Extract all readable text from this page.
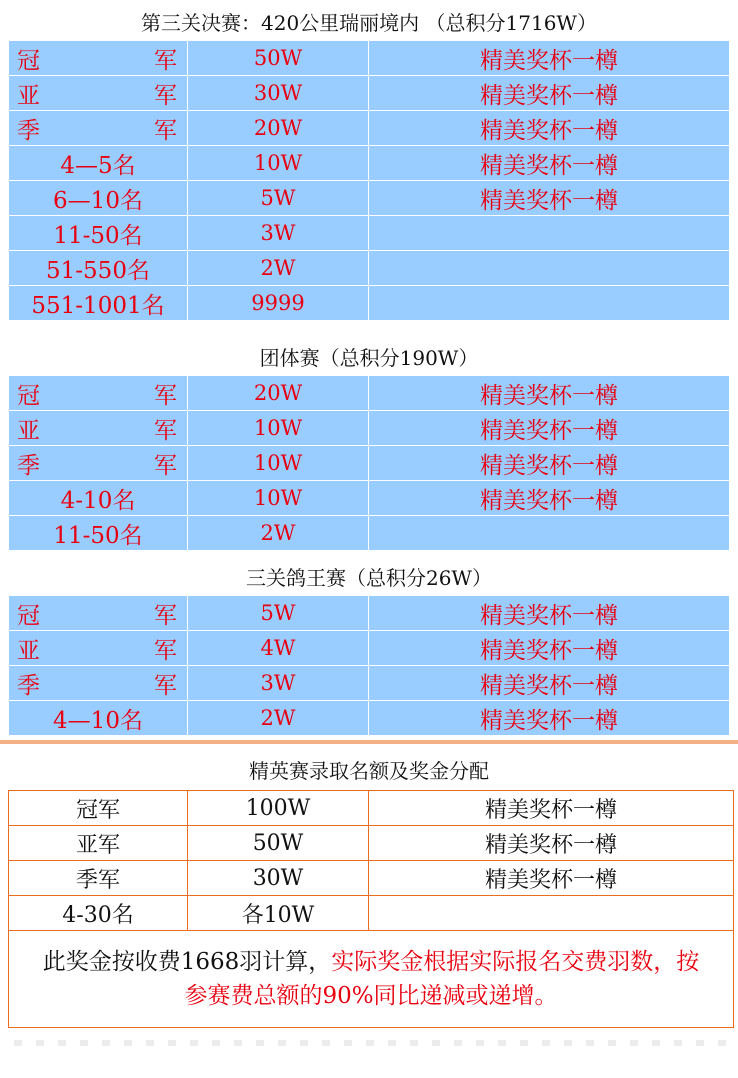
第三关决赛：420公里瑞丽境内 （总积分1716W）
冠 军	50W	精美奖杯一樽

亚 军	30W	精美奖杯一樽

季 军	20W	精美奖杯一樽
4—5名	10W	精美奖杯一樽
6—10名	5W	精美奖杯一樽
11-50名	3W	
51-550名	2W	
551-1001名	9999	
团体赛（总积分190W）
冠 军	20W	精美奖杯一樽

亚 军	10W	精美奖杯一樽

季 军	10W	精美奖杯一樽
4-10名	10W	精美奖杯一樽
11-50名	2W	
三关鸽王赛（总积分26W）
冠 军	5W	精美奖杯一樽

亚 军	4W	精美奖杯一樽

季 军	3W	精美奖杯一樽
4—10名	2W	精美奖杯一樽
精英赛录取名额及奖金分配
冠军	100W	精美奖杯一樽
亚军	50W	精美奖杯一樽
季军	30W	精美奖杯一樽
4-30名	各10W	
此奖金按收费1668羽计算，实际奖金根据实际报名交费羽数，按参赛费总额的90%同比递减或递增。		
